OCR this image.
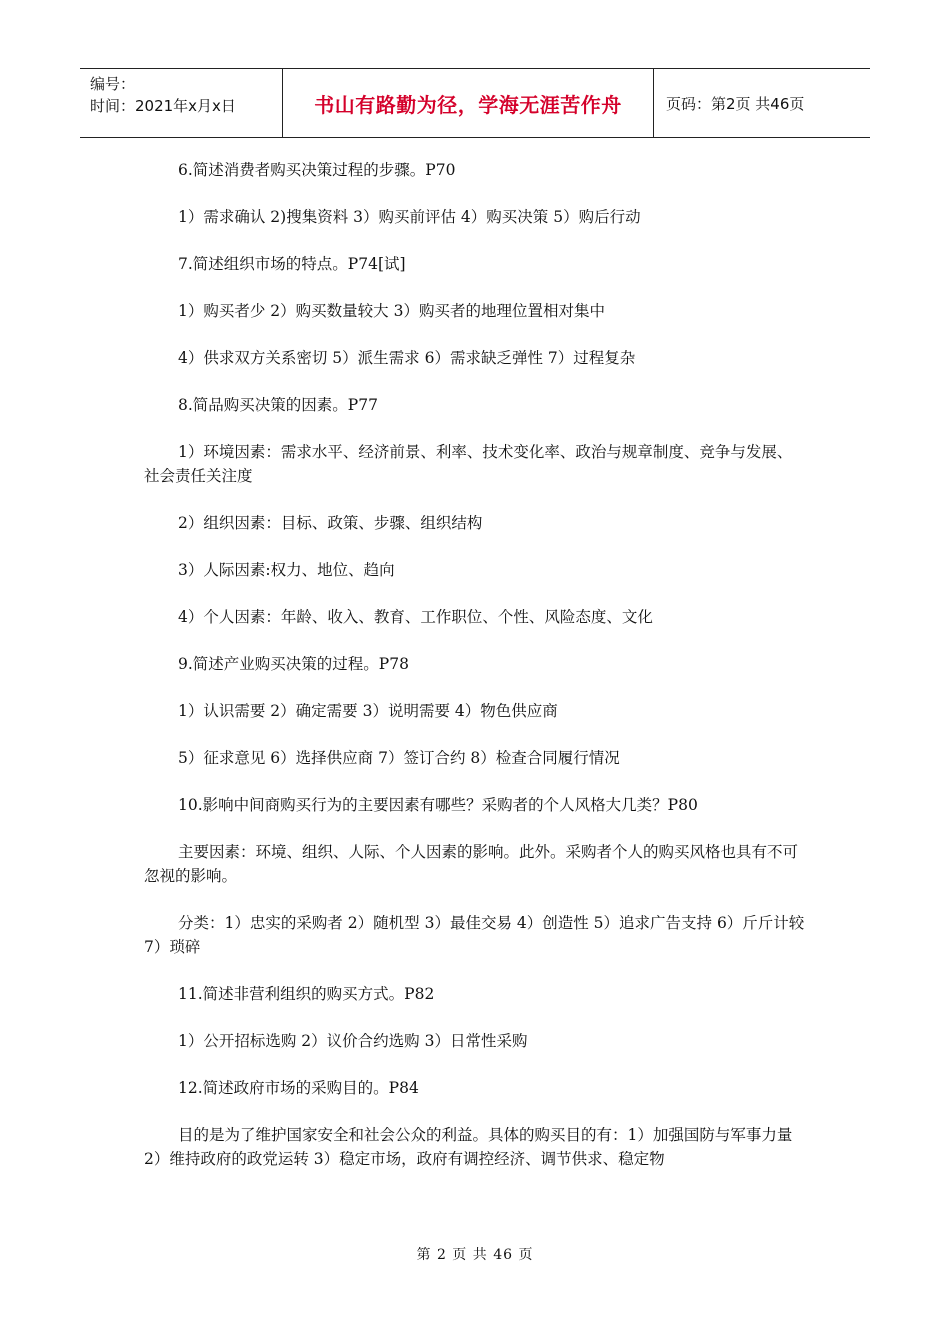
编号：
时间：2021年x月x日	书山有路勤为径，学海无涯苦作舟	页码：第2页 共46页

6.简述消费者购买决策过程的步骤。P70

1）需求确认 2)搜集资料 3）购买前评估 4）购买决策 5）购后行动

7.简述组织市场的特点。P74[试]

1）购买者少 2）购买数量较大 3）购买者的地理位置相对集中

4）供求双方关系密切 5）派生需求 6）需求缺乏弹性 7）过程复杂

8.简品购买决策的因素。P77

1）环境因素：需求水平、经济前景、利率、技术变化率、政治与规章制度、竞争与发展、社会责任关注度

2）组织因素：目标、政策、步骤、组织结构

3）人际因素:权力、地位、趋向

4）个人因素：年龄、收入、教育、工作职位、个性、风险态度、文化

9.简述产业购买决策的过程。P78

1）认识需要 2）确定需要 3）说明需要 4）物色供应商

5）征求意见 6）选择供应商 7）签订合约 8）检查合同履行情况

10.影响中间商购买行为的主要因素有哪些？采购者的个人风格大几类？P80

主要因素：环境、组织、人际、个人因素的影响。此外。采购者个人的购买风格也具有不可忽视的影响。

分类：1）忠实的采购者 2）随机型 3）最佳交易 4）创造性 5）追求广告支持 6）斤斤计较 7）琐碎

11.简述非营利组织的购买方式。P82

1）公开招标选购 2）议价合约选购 3）日常性采购

12.简述政府市场的采购目的。P84

目的是为了维护国家安全和社会公众的利益。具体的购买目的有：1）加强国防与军事力量2）维持政府的政党运转 3）稳定市场，政府有调控经济、调节供求、稳定物

第 2 页 共 46 页
